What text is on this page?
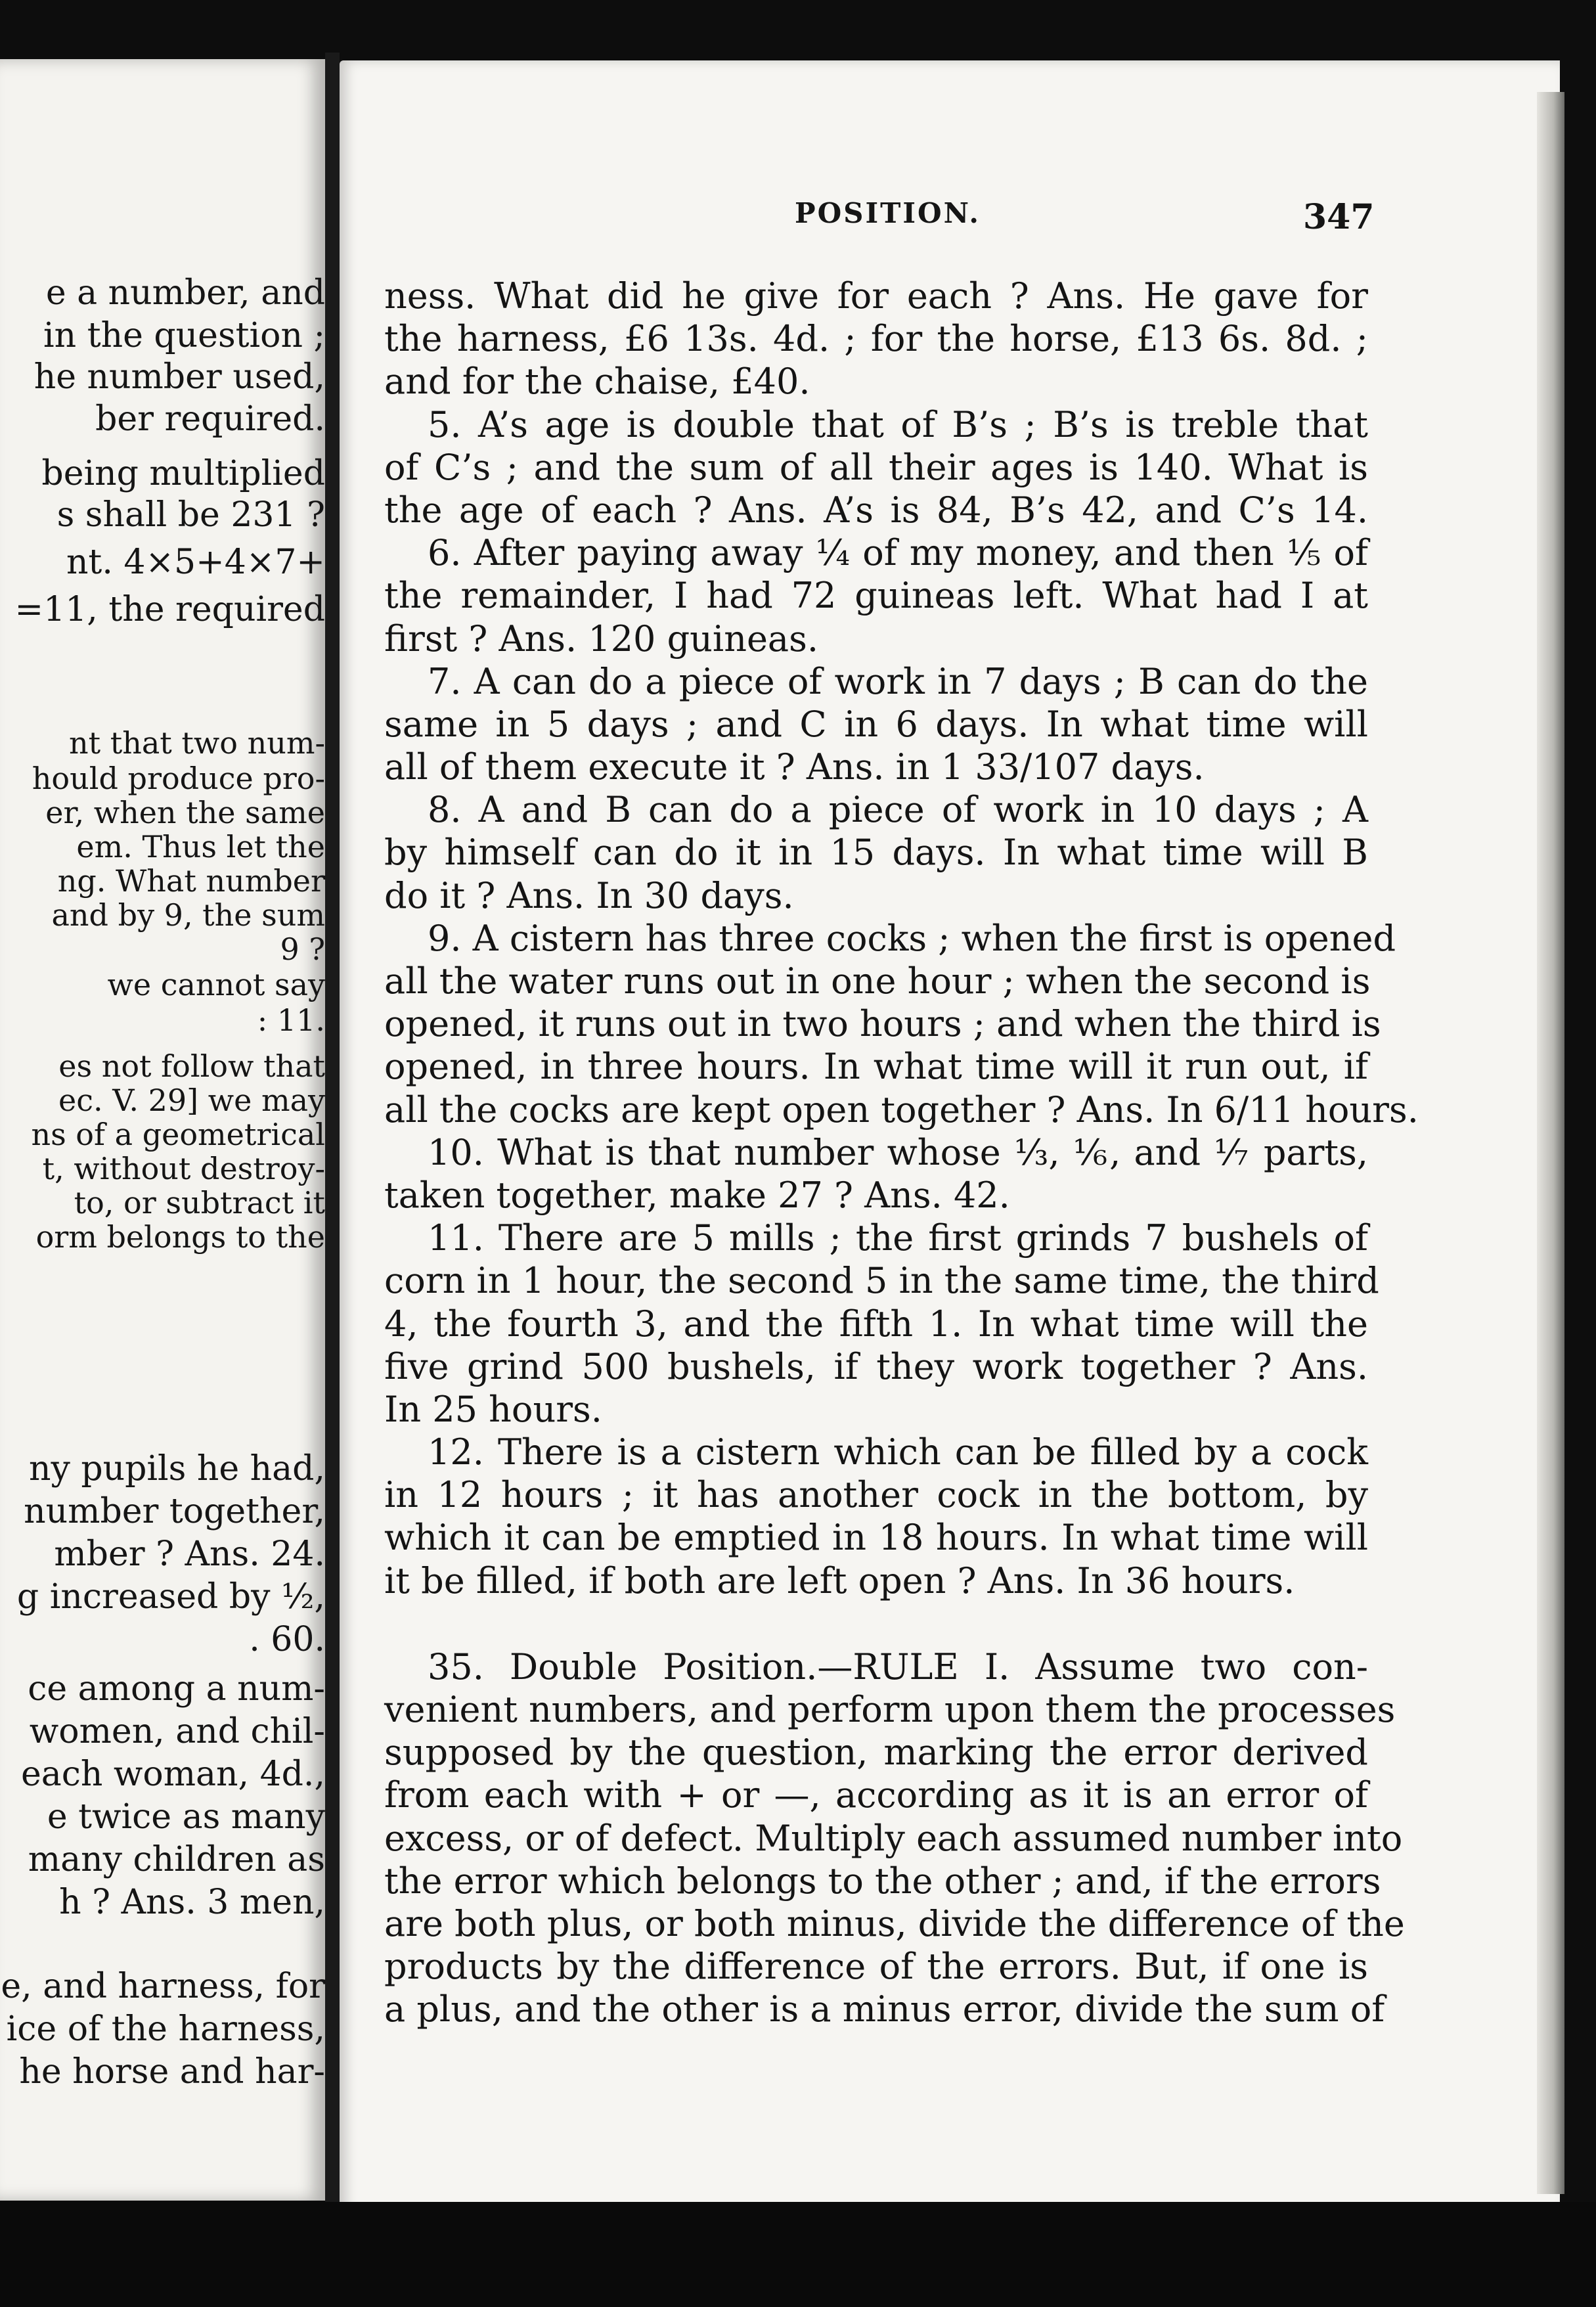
e a number, and
in the question ;
he number used,
ber required.
being multiplied
s shall be 231 ?
nt. 4×5+4×7+
=11, the required
nt that two num-
hould produce pro-
er, when the same
em. Thus let the
ng. What number
and by 9, the sum
9 ?
we cannot say
: 11.
es not follow that
ec. V. 29] we may
ns of a geometrical
t, without destroy-
to, or subtract it
orm belongs to the
ny pupils he had,
number together,
mber ? Ans. 24.
g increased by ½,
. 60.
ce among a num-
women, and chil-
each woman, 4d.,
e twice as many
many children as
h ? Ans. 3 men,
e, and harness, for
ice of the harness,
he horse and har-
POSITION.	347
ness. What did he give for each ? Ans. He gave for
the harness, £6 13s. 4d. ; for the horse, £13 6s. 8d. ;
and for the chaise, £40.
5. A’s age is double that of B’s ; B’s is treble that
of C’s ; and the sum of all their ages is 140. What is
the age of each ? Ans. A’s is 84, B’s 42, and C’s 14.
6. After paying away ¼ of my money, and then ⅕ of
the remainder, I had 72 guineas left. What had I at
first ? Ans. 120 guineas.
7. A can do a piece of work in 7 days ; B can do the
same in 5 days ; and C in 6 days. In what time will
all of them execute it ? Ans. in 1 33/107 days.
8. A and B can do a piece of work in 10 days ; A
by himself can do it in 15 days. In what time will B
do it ? Ans. In 30 days.
9. A cistern has three cocks ; when the first is opened
all the water runs out in one hour ; when the second is
opened, it runs out in two hours ; and when the third is
opened, in three hours. In what time will it run out, if
all the cocks are kept open together ? Ans. In 6/11 hours.
10. What is that number whose ⅓, ⅙, and ⅐ parts,
taken together, make 27 ? Ans. 42.
11. There are 5 mills ; the first grinds 7 bushels of
corn in 1 hour, the second 5 in the same time, the third
4, the fourth 3, and the fifth 1. In what time will the
five grind 500 bushels, if they work together ? Ans.
In 25 hours.
12. There is a cistern which can be filled by a cock
in 12 hours ; it has another cock in the bottom, by
which it can be emptied in 18 hours. In what time will
it be filled, if both are left open ? Ans. In 36 hours.
35. Double Position.—RULE I. Assume two con-
venient numbers, and perform upon them the processes
supposed by the question, marking the error derived
from each with + or —, according as it is an error of
excess, or of defect. Multiply each assumed number into
the error which belongs to the other ; and, if the errors
are both plus, or both minus, divide the difference of the
products by the difference of the errors. But, if one is
a plus, and the other is a minus error, divide the sum of
